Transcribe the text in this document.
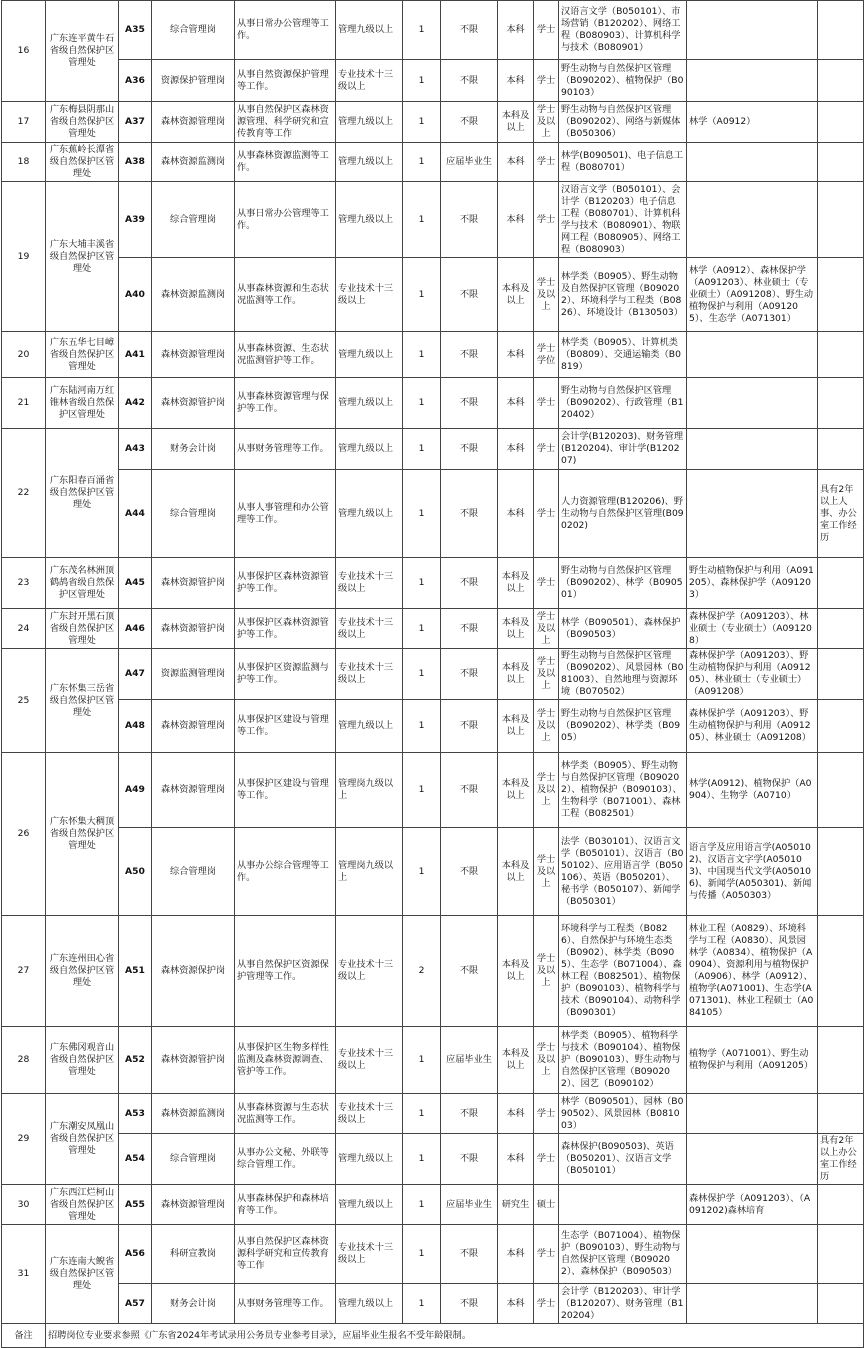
16	广东连平黄牛石省级自然保护区管理处	A35	综合管理岗	从事日常办公管理等工作。	管理九级以上	1	不限	本科	学士	汉语言文学（B050101）、市场营销（B120202）、网络工程（B080903）、计算机科学与技术（B080901）		
		A36	资源保护管理岗	从事自然资源保护管理等工作。	专业技术十三级以上	1	不限	本科	学士	野生动物与自然保护区管理（B090202）、植物保护（B090103）		
17	广东梅县阴那山省级自然保护区管理处	A37	森林资源管理岗	从事自然保护区森林资源管理、科学研究和宣传教育等工作	管理九级以上	1	不限	本科及以上	学士及以上	野生动物与自然保护区管理（B090202）、网络与新媒体（B050306）	林学（A0912）	
18	广东蕉岭长潭省级自然保护区管理处	A38	森林资源监测岗	从事森林资源监测等工作。	管理九级以上	1	应届毕业生	本科	学士	林学(B090501)、电子信息工程（B080701）		
19	广东大埔丰溪省级自然保护区管理处	A39	综合管理岗	从事日常办公管理等工作。	管理九级以上	1	不限	本科	学士	汉语言文学（B050101）、会计学（B120203）电子信息工程（B080701）、计算机科学与技术（B080901）、物联网工程（B080905）、网络工程（B080903）		
		A40	森林资源监测岗	从事森林资源和生态状况监测等工作。	专业技术十三级以上	1	不限	本科及以上	学士及以上	林学类（B0905）、野生动物及自然保护区管理（B090202）、环境科学与工程类（B0826）、环境设计（B130503）	林学（A0912）、森林保护学（A091203）、林业硕士（专业硕士）（A091208）、野生动植物保护与利用（A091205）、生态学（A071301）	
20	广东五华七目嶂省级自然保护区管理处	A41	森林资源管理岗	从事森林资源、生态状况监测管护等工作。	管理九级以上	1	不限	本科	学士学位	林学类（B0905）、计算机类（B0809）、交通运输类（B0819）		
21	广东陆河南万红锥林省级自然保护区管理处	A42	森林资源管护岗	从事森林资源管理与保护等工作。	管理九级以上	1	不限	本科	学士	野生动物与自然保护区管理（B090202）、行政管理（B120402）		
22	广东阳春百涌省级自然保护区管理处	A43	财务会计岗	从事财务管理等工作。	管理九级以上	1	不限	本科	学士	会计学(B120203)、财务管理(B120204)、审计学(B120207)		
		A44	综合管理岗	从事人事管理和办公管理等工作。	管理九级以上	1	不限	本科	学士	人力资源管理(B120206)、野生动物与自然保护区管理(B090202)		具有2年以上人事、办公室工作经历
23	广东茂名林洲顶鹤鸪省级自然保护区管理处	A45	森林资源管护岗	从事保护区森林资源管护等工作。	专业技术十三级以上	1	不限	本科及以上	学士	野生动物与自然保护区管理（B090202）、林学（B090501）	野生动植物保护与利用（A091205）、森林保护学（A091203）	
24	广东封开黑石顶省级自然保护区管理处	A46	森林资源管护岗	从事保护区森林资源管护等工作。	专业技术十三级以上	1	不限	本科及以上	学士及以上	林学（B090501）、森林保护（B090503）	森林保护学（A091203）、林业硕士（专业硕士）（A091208）	
25	广东怀集三岳省级自然保护区管理处	A47	资源监测管理岗	从事保护区资源监测与护等工作。	专业技术十三级以上	1	不限	本科及以上	学士及以上	野生动物与自然保护区管理（B090202）、风景园林（B081003）、自然地理与资源环境（B070502）	森林保护学（A091203）、野生动植物保护与利用（A091205）、林业硕士（专业硕士）（A091208）	
		A48	森林资源管理岗	从事保护区建设与管理等工作。	管理九级以上	1	不限	本科及以上	学士及以上	野生动物与自然保护区管理（B090202）、林学类（B0905）	森林保护学（A091203）、野生动植物保护与利用（A091205）、林业硕士（A091208）	
26	广东怀集大稠顶省级自然保护区管理处	A49	森林资源管理岗	从事保护区建设与管理等工作。	管理岗九级以上	1	不限	本科及以上	学士及以上	林学类（B0905）、野生动物与自然保护区管理（B090202）、植物保护（B090103）、生物科学（B071001）、森林工程（B082501）	林学(A0912)、植物保护（A0904）、生物学（A0710）	
		A50	综合管理岗	从事办公综合管理等工作。	管理岗九级以上	1	不限	本科及以上	学士及以上	法学（B030101）、汉语言文学（B050101）、汉语言（B050102）、应用语言学（B050106）、英语（B050201）、秘书学（B050107）、新闻学（B050301）	语言学及应用语言学(A050102)、汉语言文字学(A050103)、中国现当代文学(A050106)、新闻学(A050301)、新闻与传播（A050303）	
27	广东连州田心省级自然保护区管理处	A51	森林资源保护岗	从事自然保护区资源保护管理等工作。	专业技术十三级以上	2	不限	本科及以上	学士及以上	环境科学与工程类（B0826）、自然保护与环境生态类（B0902）、林学类（B0905）、生态学（B071004）、森林工程（B082501）、植物保护（B090103）、植物科学与技术（B090104）、动物科学（B090301）	林业工程（A0829）、环境科学与工程（A0830）、风景园林学（A0834）、植物保护（A0904）、资源利用与植物保护（A0906）、林学（A0912）、植物学(A071001)、生态学(A071301)、林业工程硕士（A084105）	
28	广东佛冈观音山省级自然保护区管理处	A52	森林资源管护岗	从事保护区生物多样性监测及森林资源调查、管护等工作。	专业技术十三级以上	1	应届毕业生	本科及以上	学士及以上	林学类（B0905）、植物科学与技术（B090104）、植物保护（B090103）、野生动物与自然保护区管理（B090202）、园艺（B090102）	植物学（A071001）、野生动植物保护与利用（A091205）	
29	广东潮安凤凰山省级自然保护区管理处	A53	森林资源监测岗	从事森林资源与生态状况监测等工作。	专业技术十三级以上	1	不限	本科	学士	林学（B090501）、园林（B090502）、风景园林（B081003）		
		A54	综合管理岗	从事办公文秘、外联等综合管理工作。	管理九级以上	1	不限	本科	学士	森林保护(B090503)、英语（B050201）、汉语言文学（B050101）		具有2年以上办公室工作经历
30	广东西江烂柯山省级自然保护区管理处	A55	森林资源管理岗	从事森林保护和森林培育等工作。	管理九级以上	1	应届毕业生	研究生	硕士		森林保护学（A091203）、（A091202)森林培育	
31	广东连南大鲵省级自然保护区管理处	A56	科研宣教岗	从事自然保护区森林资源科学研究和宣传教育等工作	专业技术十三级以上	1	不限	本科	学士	生态学（B071004）、植物保护（B090103）、野生动物与自然保护区管理（B090202）、森林保护（B090503）		
		A57	财务会计岗	从事财务管理等工作。	管理九级以上	1	不限	本科	学士	会计学（B120203）、审计学（B120207）、财务管理（B120204）		
备注	招聘岗位专业要求参照《广东省2024年考试录用公务员专业参考目录》，应届毕业生报名不受年龄限制。											
